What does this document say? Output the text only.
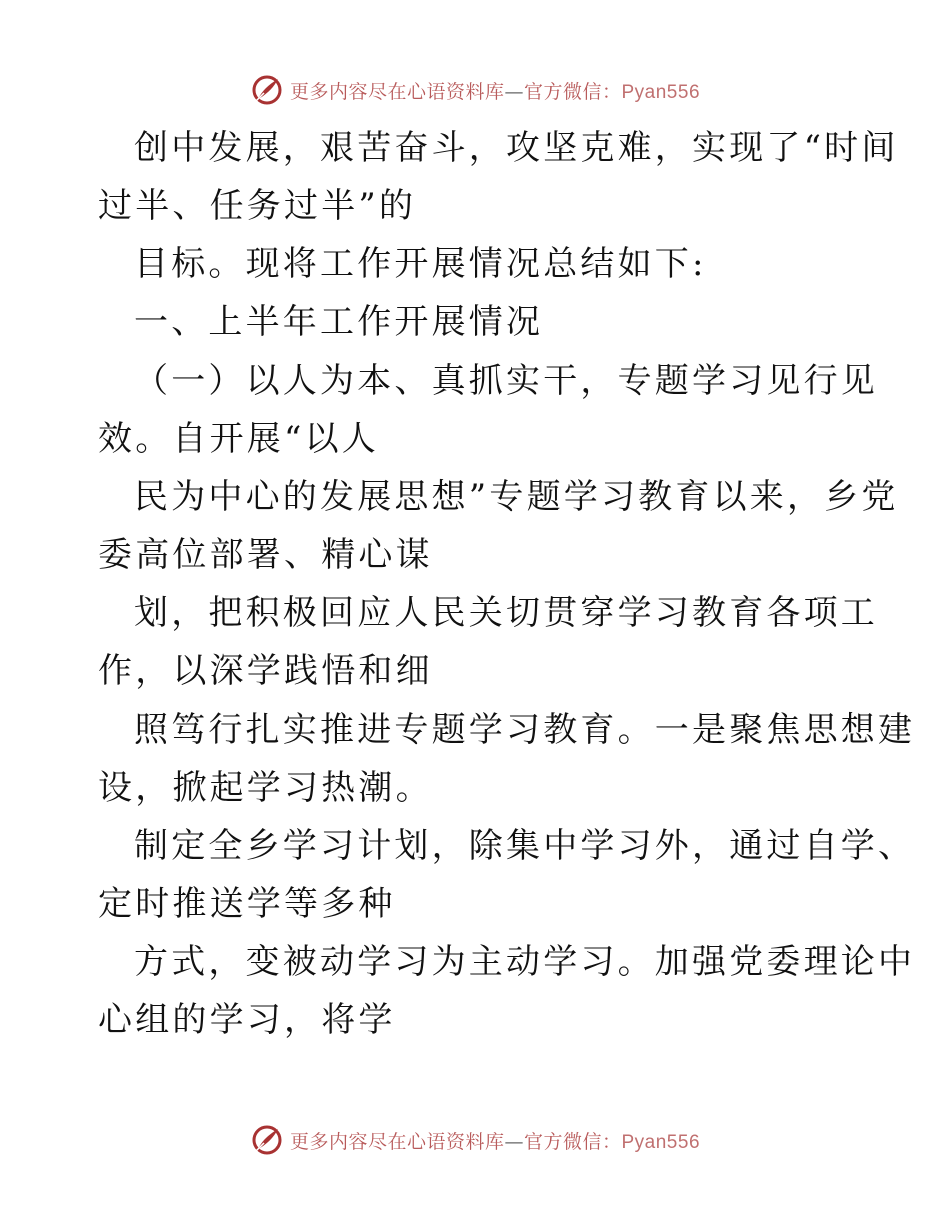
更多内容尽在心语资料库—官方微信：Pyan556
创中发展，艰苦奋斗，攻坚克难，实现了“时间
过半、任务过半”的
目标。现将工作开展情况总结如下:
一、上半年工作开展情况
（一）以人为本、真抓实干，专题学习见行见
效。自开展“以人
民为中心的发展思想”专题学习教育以来，乡党
委高位部署、精心谋
划，把积极回应人民关切贯穿学习教育各项工
作，以深学践悟和细
照笃行扎实推进专题学习教育。一是聚焦思想建
设，掀起学习热潮。
制定全乡学习计划，除集中学习外，通过自学、
定时推送学等多种
方式，变被动学习为主动学习。加强党委理论中
心组的学习，将学
更多内容尽在心语资料库—官方微信：Pyan556
